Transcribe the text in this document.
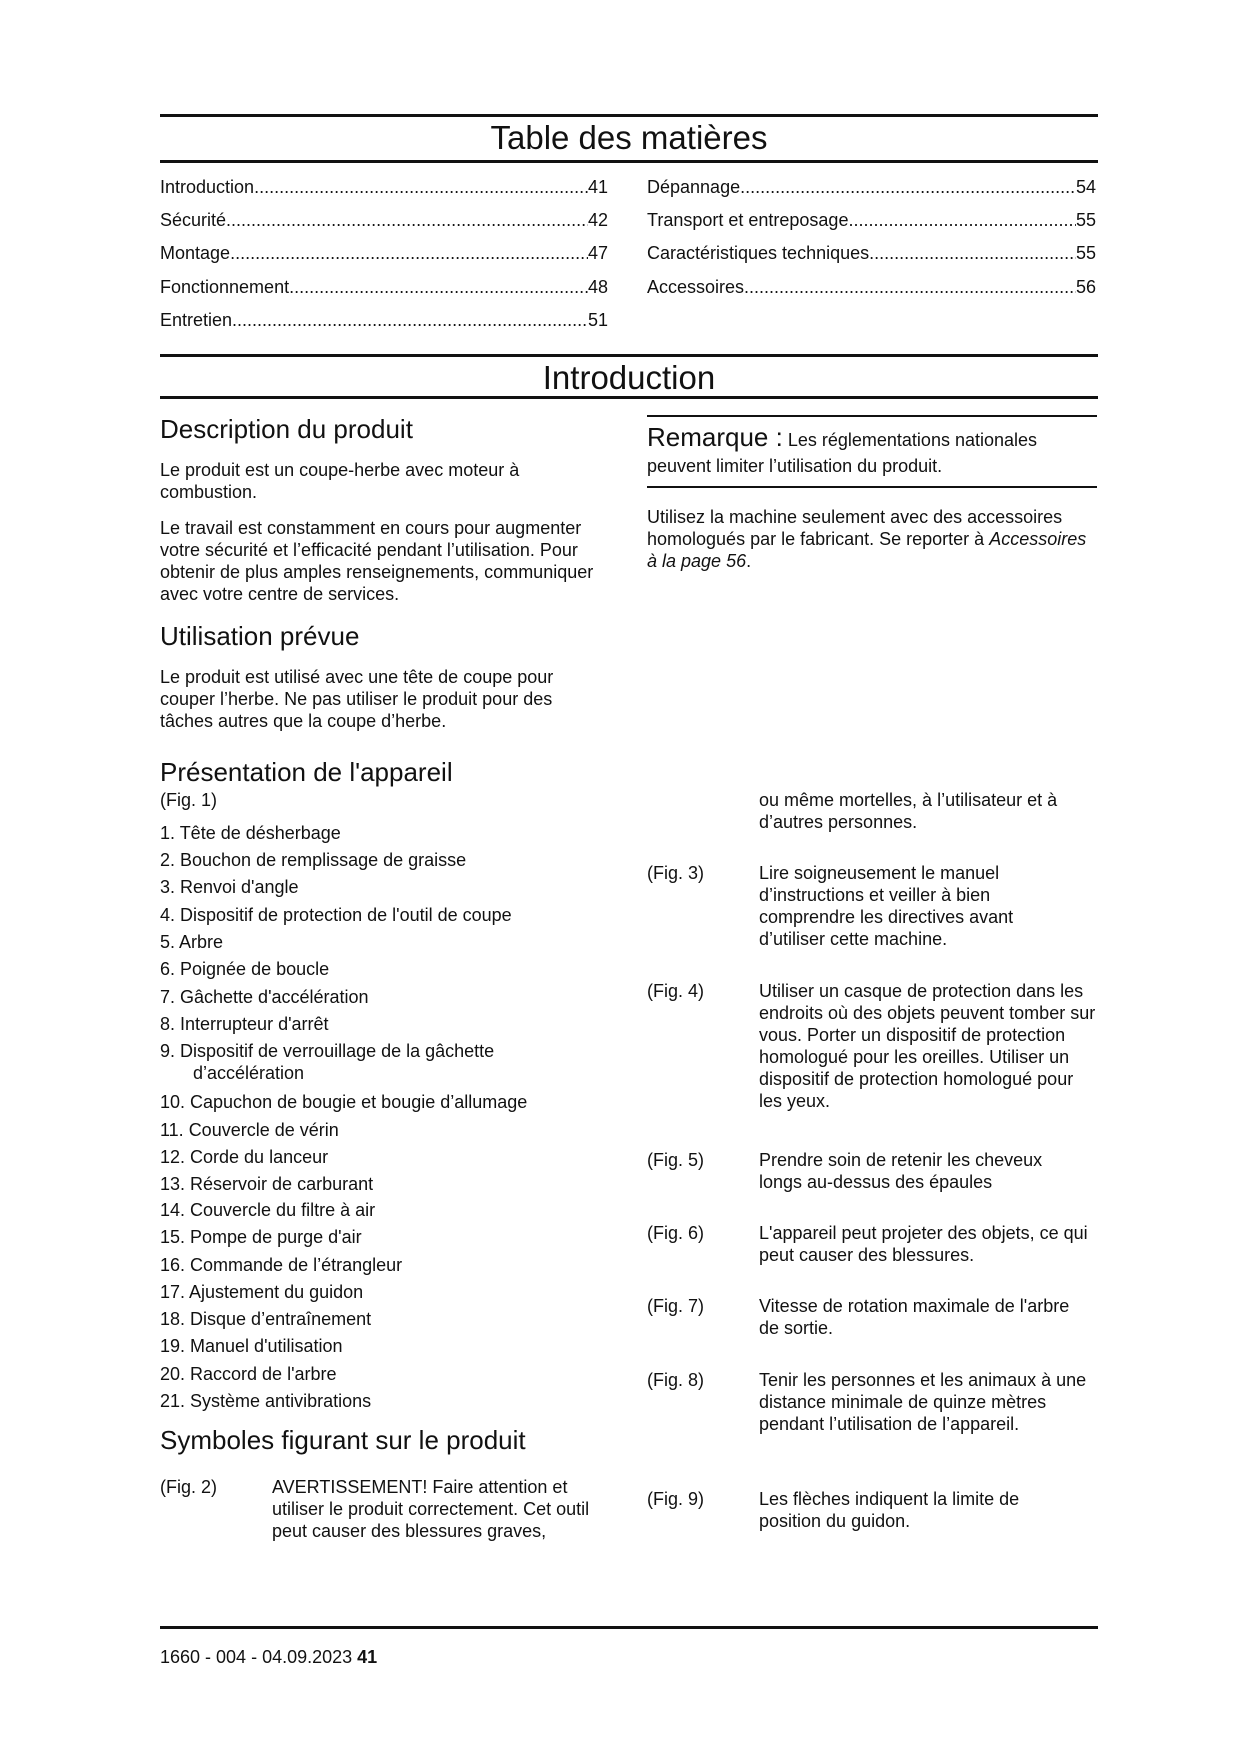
Table des matières
Introduction .....	41
Sécurité .....	42
Montage .....	47
Fonctionnement .....	48
Entretien .....	51
Dépannage .....	54
Transport et entreposage .....	55
Caractéristiques techniques .....	55
Accessoires .....	56
Introduction
Description du produit
Le produit est un coupe-herbe avec moteur à combustion.
Le travail est constamment en cours pour augmenter votre sécurité et l’efficacité pendant l’utilisation. Pour obtenir de plus amples renseignements, communiquer avec votre centre de services.
Utilisation prévue
Le produit est utilisé avec une tête de coupe pour couper l’herbe. Ne pas utiliser le produit pour des tâches autres que la coupe d’herbe.
Présentation de l'appareil
(Fig. 1)
1. Tête de désherbage
2. Bouchon de remplissage de graisse
3. Renvoi d'angle
4. Dispositif de protection de l'outil de coupe
5. Arbre
6. Poignée de boucle
7. Gâchette d'accélération
8. Interrupteur d'arrêt
9. Dispositif de verrouillage de la gâchette
d’accélération
10. Capuchon de bougie et bougie d’allumage
11. Couvercle de vérin
12. Corde du lanceur
13. Réservoir de carburant
14. Couvercle du filtre à air
15. Pompe de purge d'air
16. Commande de l’étrangleur
17. Ajustement du guidon
18. Disque d’entraînement
19. Manuel d'utilisation
20. Raccord de l'arbre
21. Système antivibrations
Symboles figurant sur le produit
(Fig. 2)	AVERTISSEMENT! Faire attention et utiliser le produit correctement. Cet outil peut causer des blessures graves,
Remarque : Les réglementations nationales peuvent limiter l’utilisation du produit.
Utilisez la machine seulement avec des accessoires homologués par le fabricant. Se reporter à Accessoires à la page 56.
ou même mortelles, à l’utilisateur et à d’autres personnes.
(Fig. 3)	Lire soigneusement le manuel d’instructions et veiller à bien comprendre les directives avant d’utiliser cette machine.
(Fig. 4)	Utiliser un casque de protection dans les endroits où des objets peuvent tomber sur vous. Porter un dispositif de protection homologué pour les oreilles. Utiliser un dispositif de protection homologué pour les yeux.
(Fig. 5)	Prendre soin de retenir les cheveux longs au-dessus des épaules
(Fig. 6)	L'appareil peut projeter des objets, ce qui peut causer des blessures.
(Fig. 7)	Vitesse de rotation maximale de l'arbre de sortie.
(Fig. 8)	Tenir les personnes et les animaux à une distance minimale de quinze mètres pendant l’utilisation de l’appareil.
(Fig. 9)	Les flèches indiquent la limite de position du guidon.
1660 - 004 - 04.09.2023 41
